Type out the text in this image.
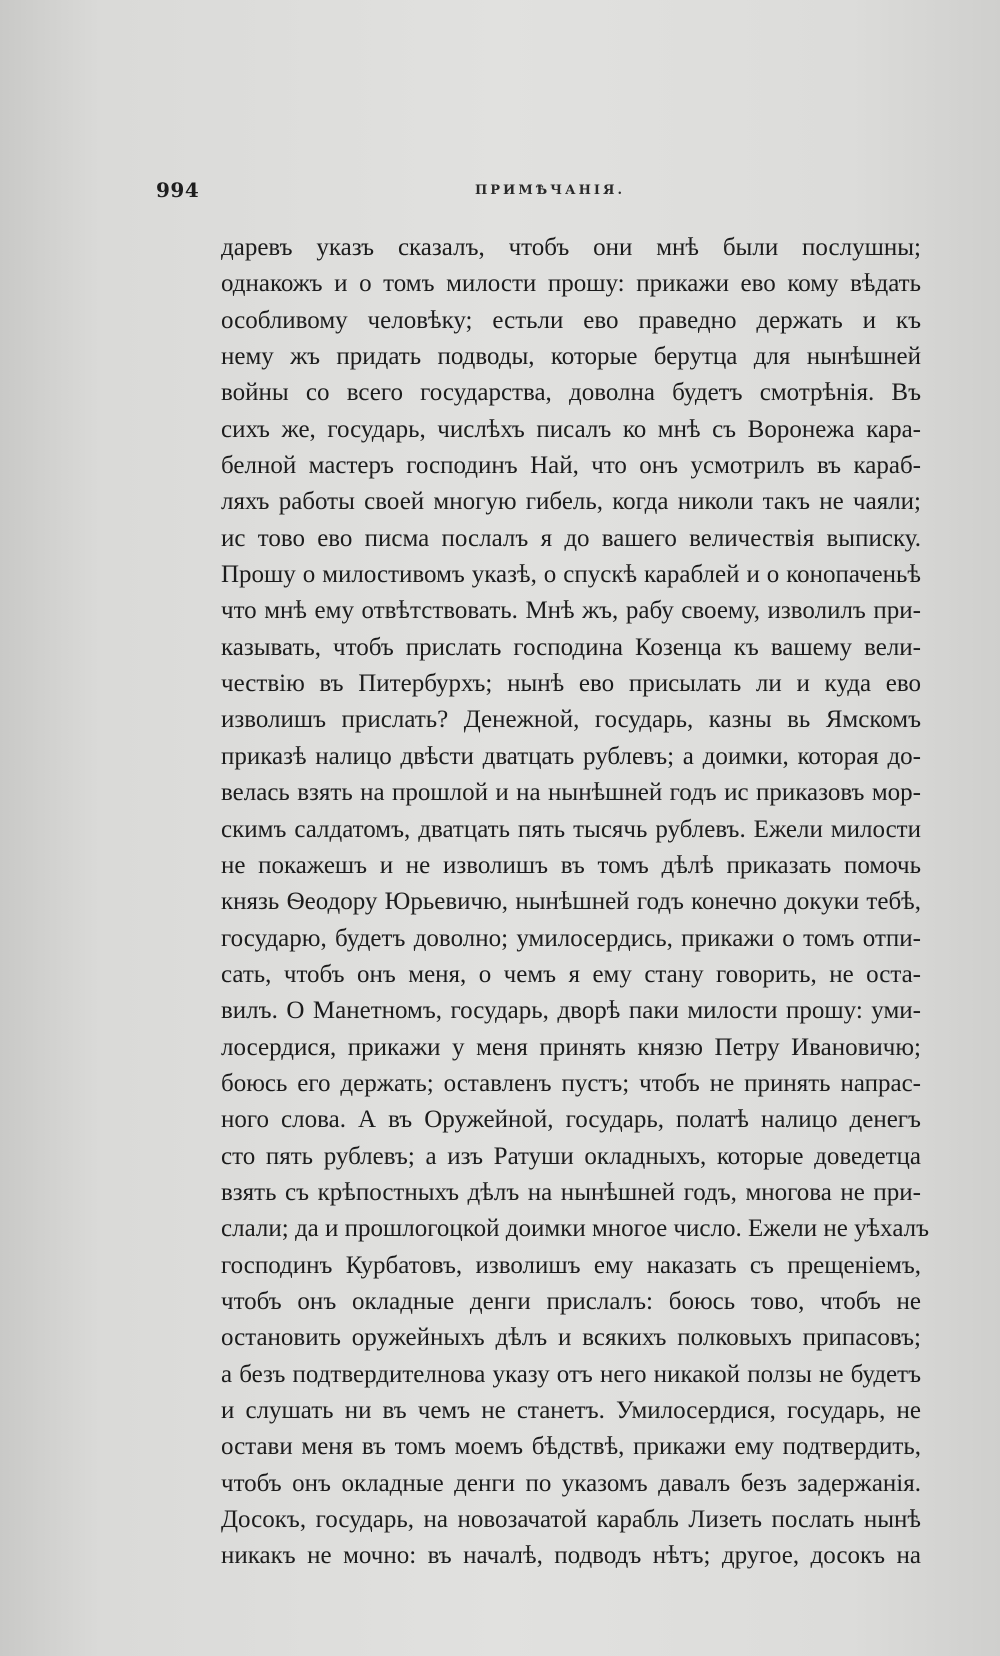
994	ПРИМѢЧАНІЯ.
даревъ указъ сказалъ, чтобъ они мнѣ были послушны;
однакожъ и о томъ милости прошу: прикажи ево кому вѣдать
особливому человѣку; естьли ево праведно держать и къ
нему жъ придать подводы, которые берутца для нынѣшней
войны со всего государства, доволна будетъ смотрѣнія. Въ
сихъ же, государь, числѣхъ писалъ ко мнѣ съ Воронежа кара-
белной мастеръ господинъ Най, что онъ усмотрилъ въ караб-
ляхъ работы своей многую гибель, когда николи такъ не чаяли;
ис тово ево писма послалъ я до вашего величествія выписку.
Прошу о милостивомъ указѣ, о спускѣ караблей и о конопаченьѣ
что мнѣ ему отвѣтствовать. Мнѣ жъ, рабу своему, изволилъ при-
казывать, чтобъ прислать господина Козенца къ вашему вели-
чествію въ Питербурхъ; нынѣ ево присылать ли и куда ево
изволишъ прислать? Денежной, государь, казны вь Ямскомъ
приказѣ налицо двѣсти дватцать рублевъ; а доимки, которая до-
велась взять на прошлой и на нынѣшней годъ ис приказовъ мор-
скимъ салдатомъ, дватцать пять тысячь рублевъ. Ежели милости
не покажешъ и не изволишъ въ томъ дѣлѣ приказать помочь
князь Ѳеодору Юрьевичю, нынѣшней годъ конечно докуки тебѣ,
государю, будетъ доволно; умилосердись, прикажи о томъ отпи-
сать, чтобъ онъ меня, о чемъ я ему стану говорить, не оста-
вилъ. О Манетномъ, государь, дворѣ паки милости прошу: уми-
лосердися, прикажи у меня принять князю Петру Ивановичю;
боюсь его держать; оставленъ пустъ; чтобъ не принять напрас-
ного слова. А въ Оружейной, государь, полатѣ налицо денегъ
сто пять рублевъ; а изъ Ратуши окладныхъ, которые доведетца
взять съ крѣпостныхъ дѣлъ на нынѣшней годъ, многова не при-
слали; да и прошлогоцкой доимки многое число. Ежели не уѣхалъ
господинъ Курбатовъ, изволишъ ему наказать съ прещеніемъ,
чтобъ онъ окладные денги прислалъ: боюсь тово, чтобъ не
остановить оружейныхъ дѣлъ и всякихъ полковыхъ припасовъ;
а безъ подтвердителнова указу отъ него никакой ползы не будетъ
и слушать ни въ чемъ не станетъ. Умилосердися, государь, не
остави меня въ томъ моемъ бѣдствѣ, прикажи ему подтвердить,
чтобъ онъ окладные денги по указомъ давалъ безъ задержанія.
Досокъ, государь, на новозачатой карабль Лизеть послать нынѣ
никакъ не мочно: въ началѣ, подводъ нѣтъ; другое, досокъ на
